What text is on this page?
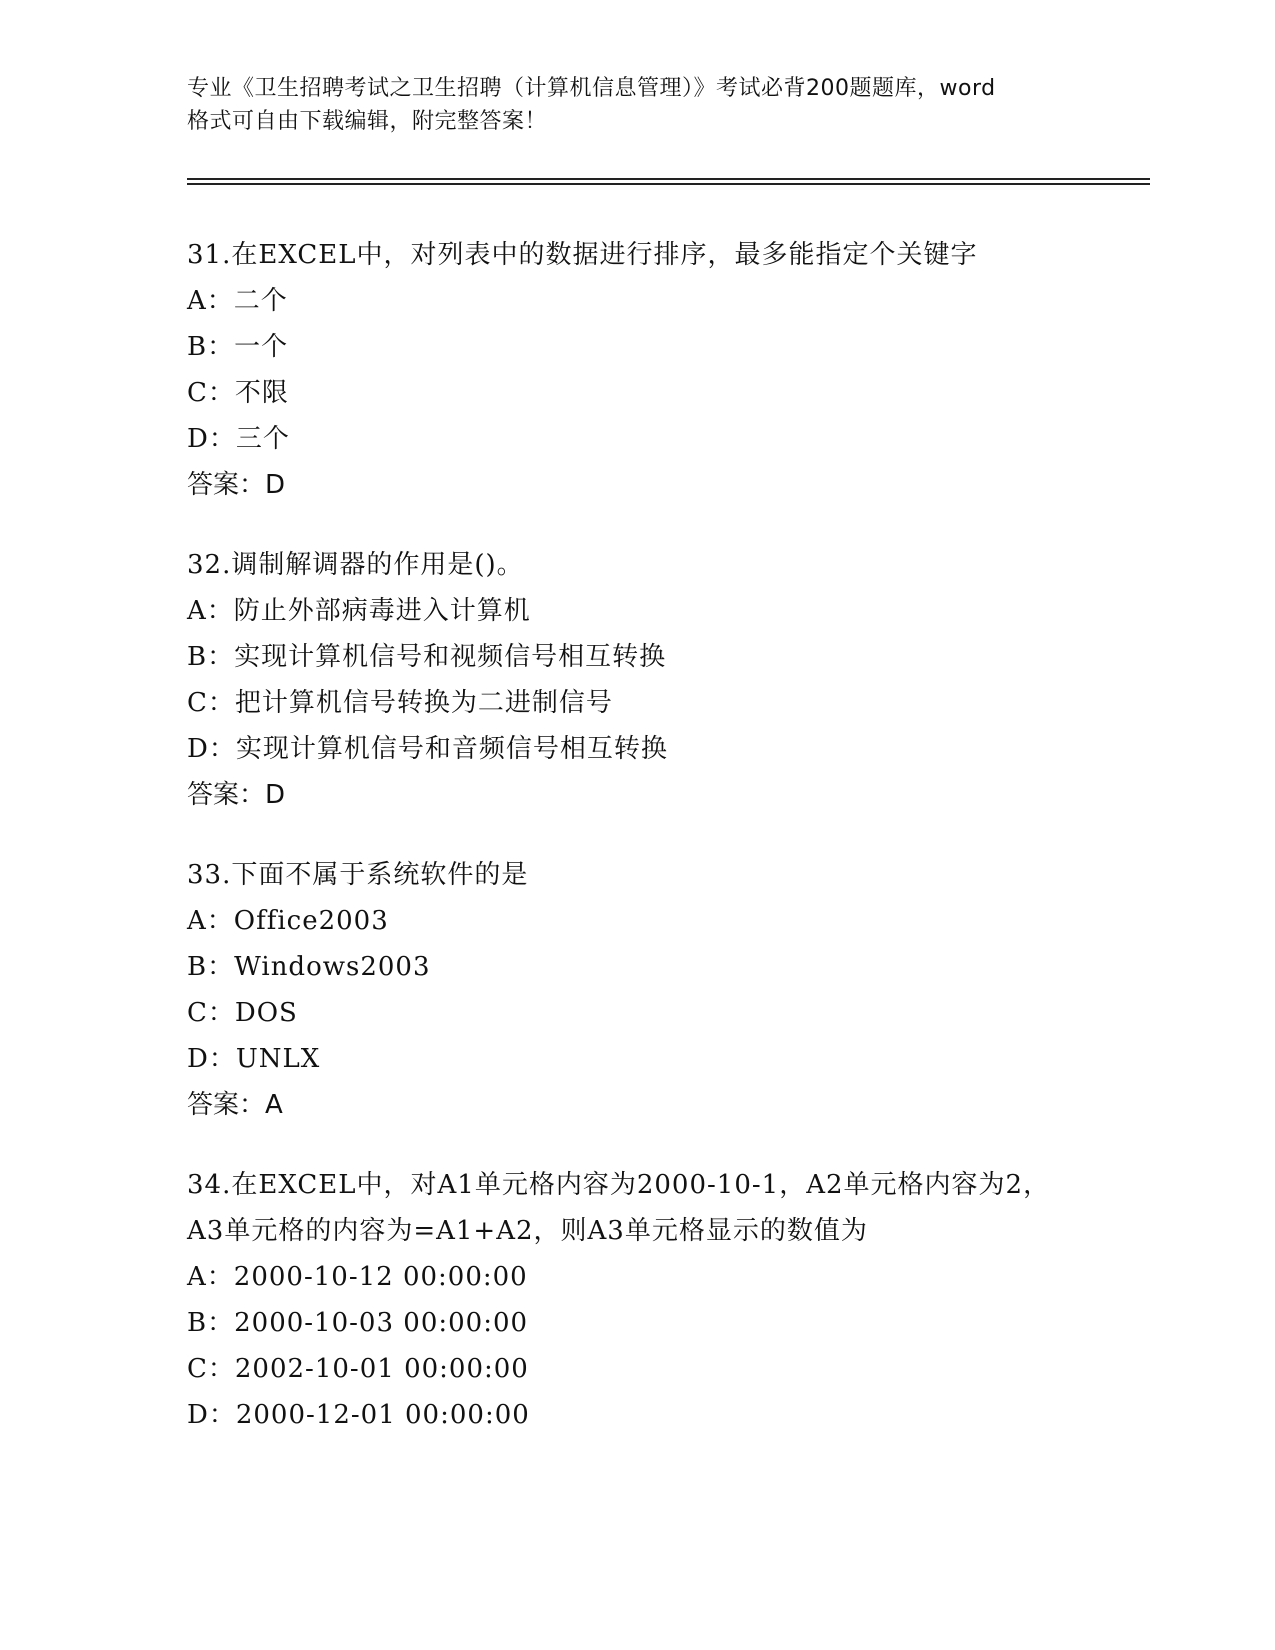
专业《卫生招聘考试之卫生招聘（计算机信息管理）》考试必背200题题库，word
格式可自由下载编辑，附完整答案！
31.在EXCEL中，对列表中的数据进行排序，最多能指定个关键字
A：二个
B：一个
C：不限
D：三个
答案：D
32.调制解调器的作用是()。
A：防止外部病毒进入计算机
B：实现计算机信号和视频信号相互转换
C：把计算机信号转换为二进制信号
D：实现计算机信号和音频信号相互转换
答案：D
33.下面不属于系统软件的是
A：Office2003
B：Windows2003
C：DOS
D：UNLX
答案：A
34.在EXCEL中，对A1单元格内容为2000-10-1，A2单元格内容为2，
A3单元格的内容为=A1+A2，则A3单元格显示的数值为
A：2000-10-12 00:00:00
B：2000-10-03 00:00:00
C：2002-10-01 00:00:00
D：2000-12-01 00:00:00
